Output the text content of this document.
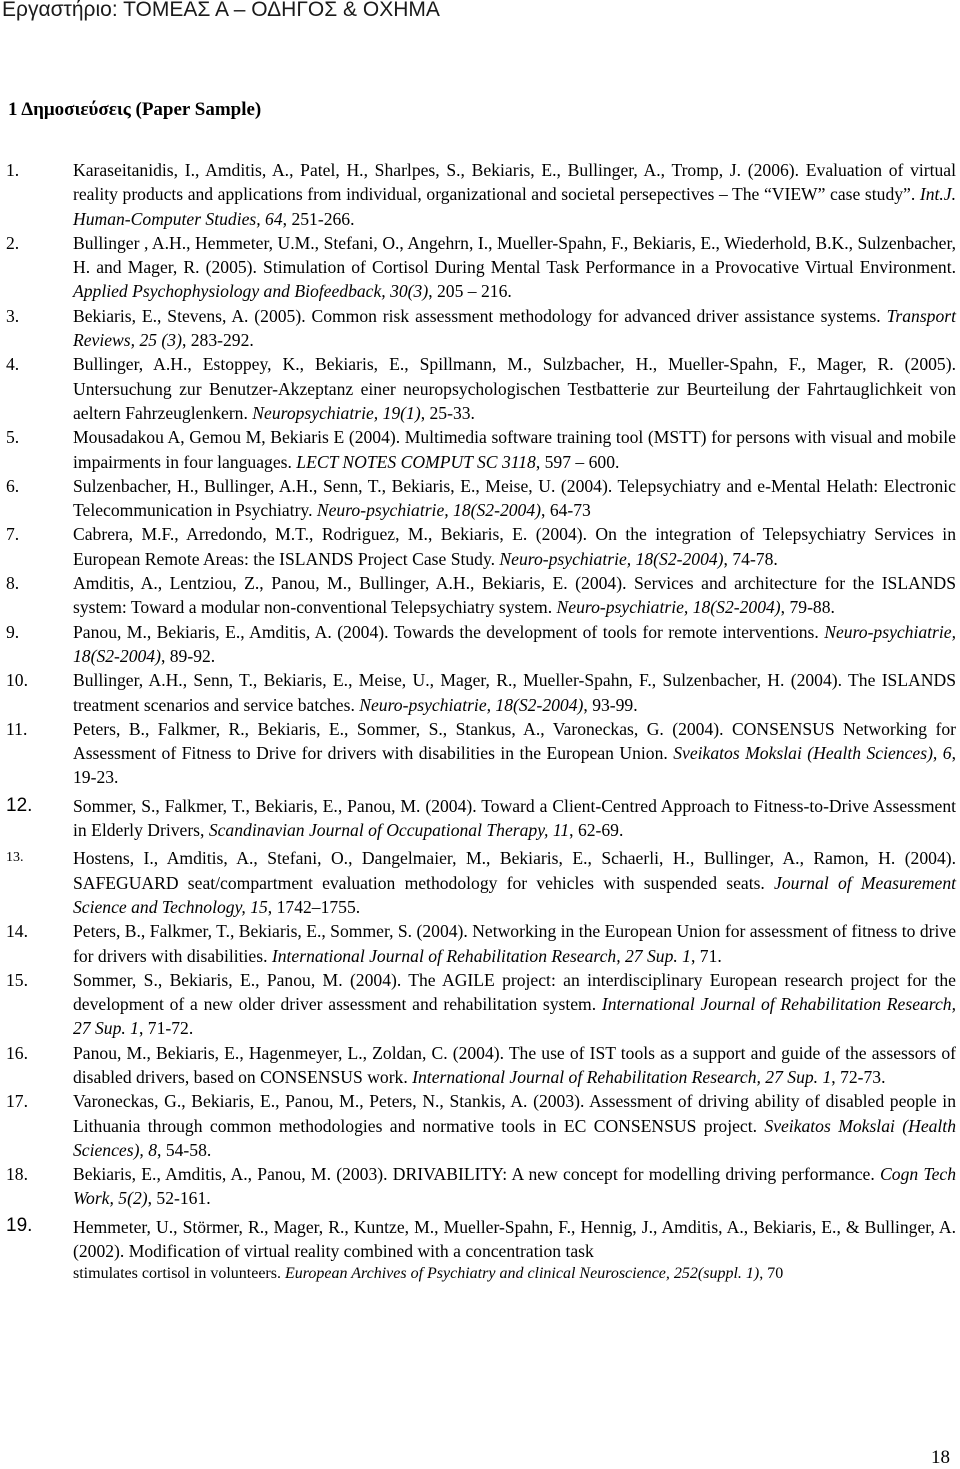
Εργαστήριο: ΤΟΜΕΑΣ Α – ΟΔΗΓΟΣ & ΟΧΗΜΑ
1 Δημοσιεύσεις (Paper Sample)
1.	Karaseitanidis, I., Amditis, A., Patel, H., Sharlpes, S., Bekiaris, E., Bullinger, A., Tromp, J. (2006). Evaluation of virtual reality products and applications from individual, organizational and societal persepectives – The “VIEW” case study”. Int.J. Human-Computer Studies, 64, 251-266.
2.	Bullinger , A.H., Hemmeter, U.M., Stefani, O., Angehrn, I., Mueller-Spahn, F., Bekiaris, E., Wiederhold, B.K., Sulzenbacher, H. and Mager, R. (2005). Stimulation of Cortisol During Mental Task Performance in a Provocative Virtual Environment. Applied Psychophysiology and Biofeedback, 30(3), 205 – 216.
3.	Bekiaris, E., Stevens, A. (2005). Common risk assessment methodology for advanced driver assistance systems. Transport Reviews, 25 (3), 283-292.
4.	Bullinger, A.H., Estoppey, K., Bekiaris, E., Spillmann, M., Sulzbacher, H., Mueller-Spahn, F., Mager, R. (2005). Untersuchung zur Benutzer-Akzeptanz einer neuropsychologischen Testbatterie zur Beurteilung der Fahrtauglichkeit von aeltern Fahrzeuglenkern. Neuropsychiatrie, 19(1), 25-33.
5.	Mousadakou A, Gemou M, Bekiaris E (2004). Multimedia software training tool (MSTT) for persons with visual and mobile impairments in four languages. LECT NOTES COMPUT SC 3118, 597 – 600.
6.	Sulzenbacher, H., Bullinger, A.H., Senn, T., Bekiaris, E., Meise, U. (2004). Telepsychiatry and e-Mental Helath: Electronic Telecommunication in Psychiatry. Neuro-psychiatrie, 18(S2-2004), 64-73
7.	Cabrera, M.F., Arredondo, M.T., Rodriguez, M., Bekiaris, E. (2004). On the integration of Telepsychiatry Services in European Remote Areas: the ISLANDS Project Case Study. Neuro-psychiatrie, 18(S2-2004), 74-78.
8.	Amditis, A., Lentziou, Z., Panou, M., Bullinger, A.H., Bekiaris, E. (2004). Services and architecture for the ISLANDS system: Toward a modular non-conventional Telepsychiatry system. Neuro-psychiatrie, 18(S2-2004), 79-88.
9.	Panou, M., Bekiaris, E., Amditis, A. (2004). Towards the development of tools for remote interventions. Neuro-psychiatrie, 18(S2-2004), 89-92.
10.	Bullinger, A.H., Senn, T., Bekiaris, E., Meise, U., Mager, R., Mueller-Spahn, F., Sulzenbacher, H. (2004). The ISLANDS treatment scenarios and service batches. Neuro-psychiatrie, 18(S2-2004), 93-99.
11.	Peters, B., Falkmer, R., Bekiaris, E., Sommer, S., Stankus, A., Varoneckas, G. (2004). CONSENSUS Networking for Assessment of Fitness to Drive for drivers with disabilities in the European Union. Sveikatos Mokslai (Health Sciences), 6, 19-23.
12. Sommer, S., Falkmer, T., Bekiaris, E., Panou, M. (2004). Toward a Client-Centred Approach to Fitness-to-Drive Assessment in Elderly Drivers, Scandinavian Journal of Occupational Therapy, 11, 62-69.
13.	Hostens, I., Amditis, A., Stefani, O., Dangelmaier, M., Bekiaris, E., Schaerli, H., Bullinger, A., Ramon, H. (2004). SAFEGUARD seat/compartment evaluation methodology for vehicles with suspended seats. Journal of Measurement Science and Technology, 15, 1742–1755.
14.	Peters, B., Falkmer, T., Bekiaris, E., Sommer, S. (2004). Networking in the European Union for assessment of fitness to drive for drivers with disabilities. International Journal of Rehabilitation Research, 27 Sup. 1, 71.
15.	Sommer, S., Bekiaris, E., Panou, M. (2004). The AGILE project: an interdisciplinary European research project for the development of a new older driver assessment and rehabilitation system. International Journal of Rehabilitation Research, 27 Sup. 1, 71-72.
16.	Panou, M., Bekiaris, E., Hagenmeyer, L., Zoldan, C. (2004). The use of IST tools as a support and guide of the assessors of disabled drivers, based on CONSENSUS work. International Journal of Rehabilitation Research, 27 Sup. 1, 72-73.
17.	Varoneckas, G., Bekiaris, E., Panou, M., Peters, N., Stankis, A. (2003). Assessment of driving ability of disabled people in Lithuania through common methodologies and normative tools in EC CONSENSUS project. Sveikatos Mokslai (Health Sciences), 8, 54-58.
18.	Bekiaris, E., Amditis, A., Panou, M. (2003). DRIVABILITY: A new concept for modelling driving performance. Cogn Tech Work, 5(2), 52-161.
19. Hemmeter, U., Störmer, R., Mager, R., Kuntze, M., Mueller-Spahn, F., Hennig, J., Amditis, A., Bekiaris, E., & Bullinger, A. (2002). Modification of virtual reality combined with a concentration task
stimulates cortisol in volunteers. European Archives of Psychiatry and clinical Neuroscience, 252(suppl. 1), 70
18
